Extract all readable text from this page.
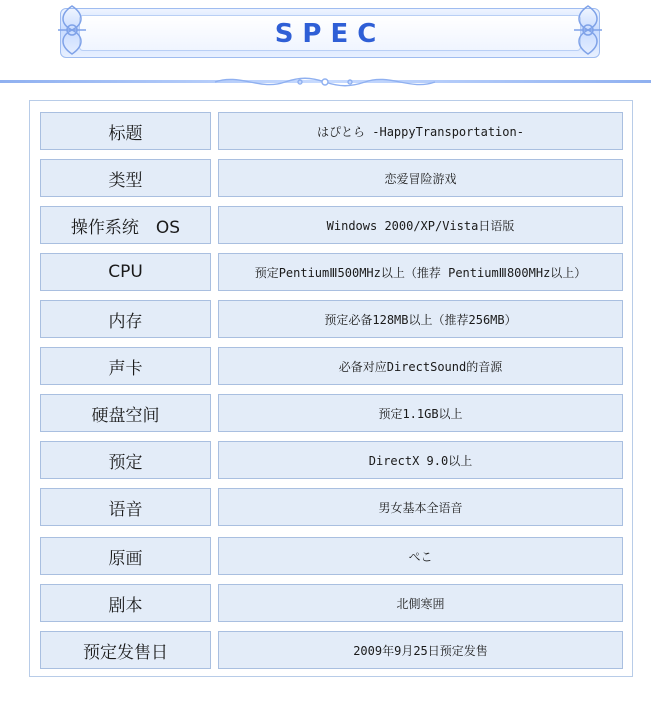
SPEC
标题	はぴとら -HappyTransportation-
类型	恋爱冒险游戏
操作系统　OS	Windows 2000/XP/Vista日语版
CPU	预定PentiumⅢ500MHz以上（推荐 PentiumⅢ800MHz以上）
内存	预定必备128MB以上（推荐256MB）
声卡	必备对应DirectSound的音源
硬盘空间	预定1.1GB以上
预定	DirectX 9.0以上
语音	男女基本全语音
原画	ぺこ
剧本	北側寒囲
预定发售日	2009年9月25日预定发售
